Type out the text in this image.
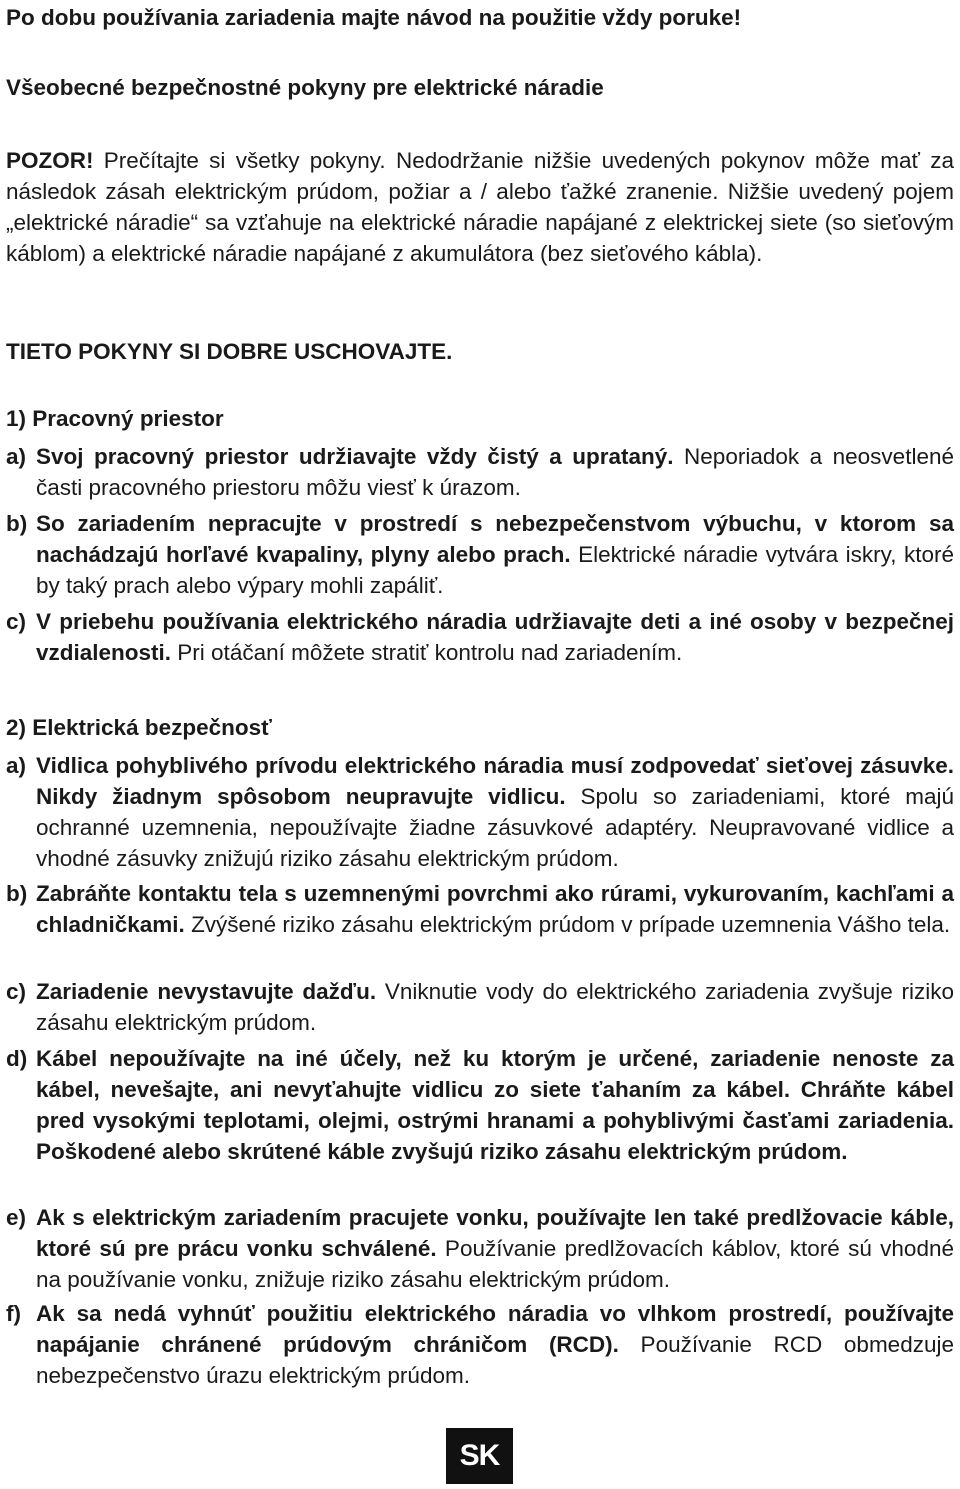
Po dobu používania zariadenia majte návod na použitie vždy poruke!

Všeobecné bezpečnostné pokyny pre elektrické náradie

POZOR! Prečítajte si všetky pokyny. Nedodržanie nižšie uvedených pokynov môže mať za následok zásah elektrickým prúdom, požiar a / alebo ťažké zranenie. Nižšie uvedený pojem „elektrické náradie“ sa vzťahuje na elektrické náradie napájané z elektrickej siete (so sieťovým káblom) a elektrické náradie napájané z akumulátora (bez sieťového kábla).

TIETO POKYNY SI DOBRE USCHOVAJTE.

1) Pracovný priestor

a) Svoj pracovný priestor udržiavajte vždy čistý a uprataný. Neporiadok a neosvetlené časti pracovného priestoru môžu viesť k úrazom.

b) So zariadením nepracujte v prostredí s nebezpečenstvom výbuchu, v ktorom sa nachádzajú horľavé kvapaliny, plyny alebo prach. Elektrické náradie vytvára iskry, ktoré by taký prach alebo výpary mohli zapáliť.

c) V priebehu používania elektrického náradia udržiavajte deti a iné osoby v bezpečnej vzdialenosti. Pri otáčaní môžete stratiť kontrolu nad zariadením.

2) Elektrická bezpečnosť

a) Vidlica pohyblivého prívodu elektrického náradia musí zodpovedať sieťovej zásuvke. Nikdy žiadnym spôsobom neupravujte vidlicu. Spolu so zariadeniami, ktoré majú ochranné uzemnenia, nepoužívajte žiadne zásuvkové adaptéry. Neupravované vidlice a vhodné zásuvky znižujú riziko zásahu elektrickým prúdom.

b) Zabráňte kontaktu tela s uzemnenými povrchmi ako rúrami, vykurovaním, kachľami a chladničkami. Zvýšené riziko zásahu elektrickým prúdom v prípade uzemnenia Vášho tela.

c) Zariadenie nevystavujte dažďu. Vniknutie vody do elektrického zariadenia zvyšuje riziko zásahu elektrickým prúdom.

d) Kábel nepoužívajte na iné účely, než ku ktorým je určené, zariadenie nenoste za kábel, nevešajte, ani nevyťahujte vidlicu zo siete ťahaním za kábel. Chráňte kábel pred vysokými teplotami, olejmi, ostrými hranami a pohyblivými časťami zariadenia. Poškodené alebo skrútené káble zvyšujú riziko zásahu elektrickým prúdom.

e) Ak s elektrickým zariadením pracujete vonku, používajte len také predlžovacie káble, ktoré sú pre prácu vonku schválené. Používanie predlžovacích káblov, ktoré sú vhodné na používanie vonku, znižuje riziko zásahu elektrickým prúdom.

f) Ak sa nedá vyhnúť použitiu elektrického náradia vo vlhkom prostredí, používajte napájanie chránené prúdovým chráničom (RCD). Používanie RCD obmedzuje nebezpečenstvo úrazu elektrickým prúdom.

SK
